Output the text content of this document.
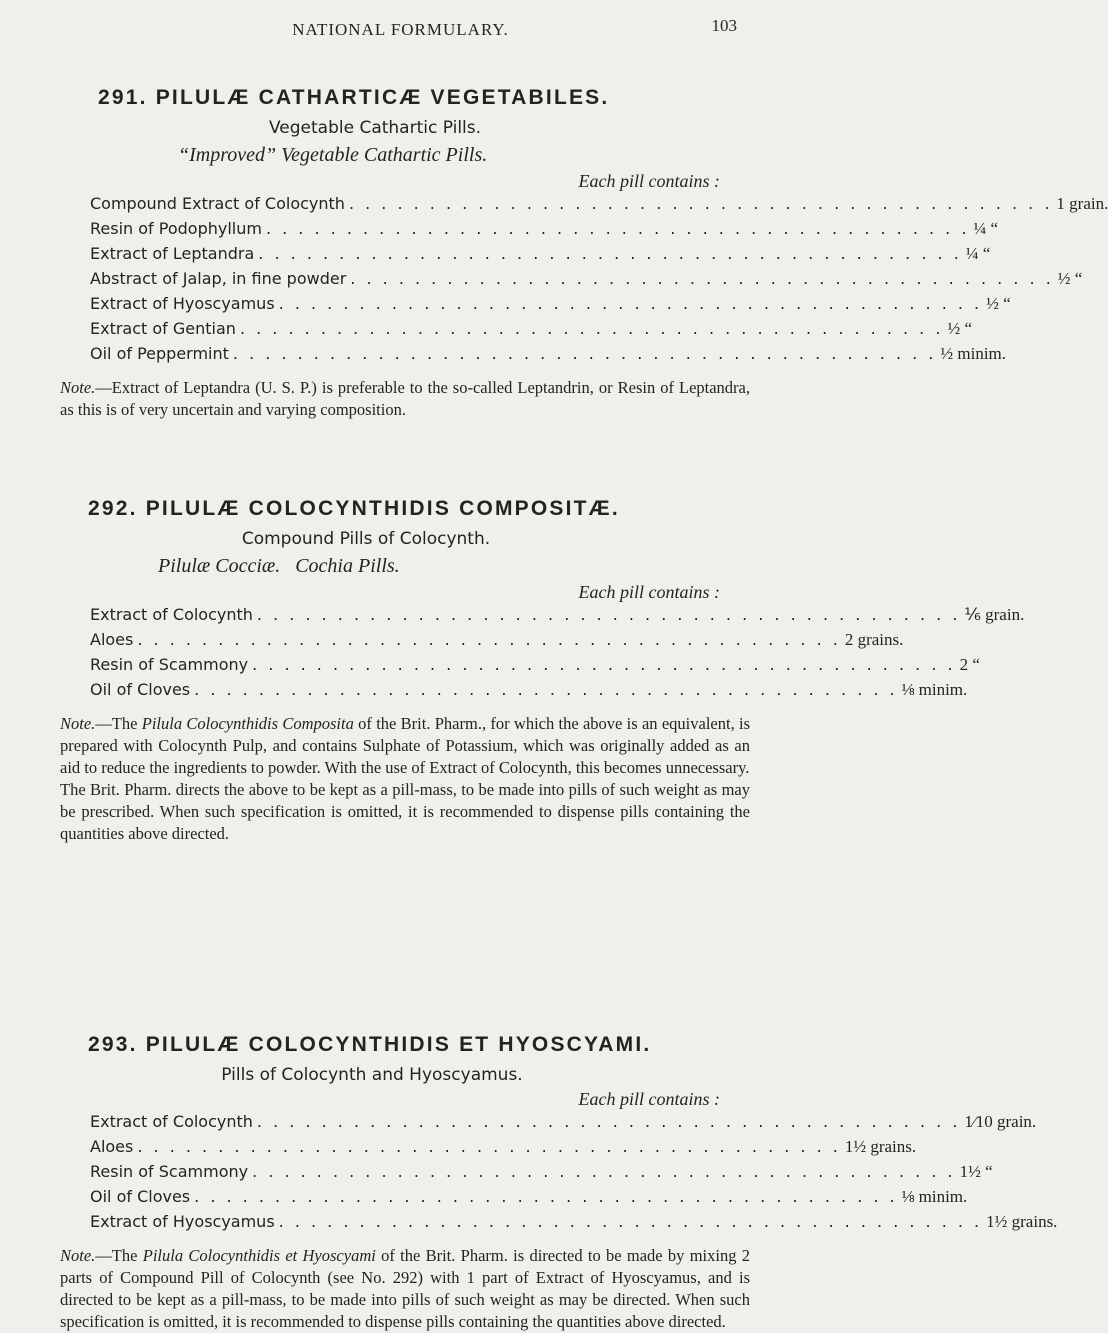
NATIONAL FORMULARY.	103
291. PILULÆ CATHARTICÆ VEGETABILES.
Vegetable Cathartic Pills.
“Improved” Vegetable Cathartic Pills.
Each pill contains :
Compound Extract of Colocynth . . . . . . . . . . . . . . . . . . . . . . . . . . . . . . . . . . . . . . . . . . . . 1 grain.
Resin of Podophyllum . . . . . . . . . . . . . . . . . . . . . . . . . . . . . . . . . . . . . . . . . . . . ¼ “
Extract of Leptandra . . . . . . . . . . . . . . . . . . . . . . . . . . . . . . . . . . . . . . . . . . . . ¼ “
Abstract of Jalap, in fine powder . . . . . . . . . . . . . . . . . . . . . . . . . . . . . . . . . . . . . . . . . . . . ½ “
Extract of Hyoscyamus . . . . . . . . . . . . . . . . . . . . . . . . . . . . . . . . . . . . . . . . . . . . ½ “
Extract of Gentian . . . . . . . . . . . . . . . . . . . . . . . . . . . . . . . . . . . . . . . . . . . . ½ “
Oil of Peppermint . . . . . . . . . . . . . . . . . . . . . . . . . . . . . . . . . . . . . . . . . . . . ½ minim.
Note.—Extract of Leptandra (U. S. P.) is preferable to the so-called Leptandrin, or Resin of Leptandra, as this is of very uncertain and varying composition.
292. PILULÆ COLOCYNTHIDIS COMPOSITÆ.
Compound Pills of Colocynth.
Pilulæ Cocciæ.   Cochia Pills.
Each pill contains :
Extract of Colocynth . . . . . . . . . . . . . . . . . . . . . . . . . . . . . . . . . . . . . . . . . . . . ⅙ grain.
Aloes . . . . . . . . . . . . . . . . . . . . . . . . . . . . . . . . . . . . . . . . . . . . 2 grains.
Resin of Scammony . . . . . . . . . . . . . . . . . . . . . . . . . . . . . . . . . . . . . . . . . . . . 2 “
Oil of Cloves . . . . . . . . . . . . . . . . . . . . . . . . . . . . . . . . . . . . . . . . . . . . ⅛ minim.
Note.—The Pilula Colocynthidis Composita of the Brit. Pharm., for which the above is an equivalent, is prepared with Colocynth Pulp, and contains Sulphate of Potassium, which was originally added as an aid to reduce the ingredients to powder. With the use of Extract of Colocynth, this becomes unnecessary.
The Brit. Pharm. directs the above to be kept as a pill-mass, to be made into pills of such weight as may be prescribed. When such specification is omitted, it is recommended to dispense pills containing the quantities above directed.
293. PILULÆ COLOCYNTHIDIS ET HYOSCYAMI.
Pills of Colocynth and Hyoscyamus.
Each pill contains :
Extract of Colocynth . . . . . . . . . . . . . . . . . . . . . . . . . . . . . . . . . . . . . . . . . . . . 1⁄10 grain.
Aloes . . . . . . . . . . . . . . . . . . . . . . . . . . . . . . . . . . . . . . . . . . . . 1½ grains.
Resin of Scammony . . . . . . . . . . . . . . . . . . . . . . . . . . . . . . . . . . . . . . . . . . . . 1½ “
Oil of Cloves . . . . . . . . . . . . . . . . . . . . . . . . . . . . . . . . . . . . . . . . . . . . ⅛ minim.
Extract of Hyoscyamus . . . . . . . . . . . . . . . . . . . . . . . . . . . . . . . . . . . . . . . . . . . . 1½ grains.
Note.—The Pilula Colocynthidis et Hyoscyami of the Brit. Pharm. is directed to be made by mixing 2 parts of Compound Pill of Colocynth (see No. 292) with 1 part of Extract of Hyoscyamus, and is directed to be kept as a pill-mass, to be made into pills of such weight as may be directed. When such specification is omitted, it is recommended to dispense pills containing the quantities above directed.
